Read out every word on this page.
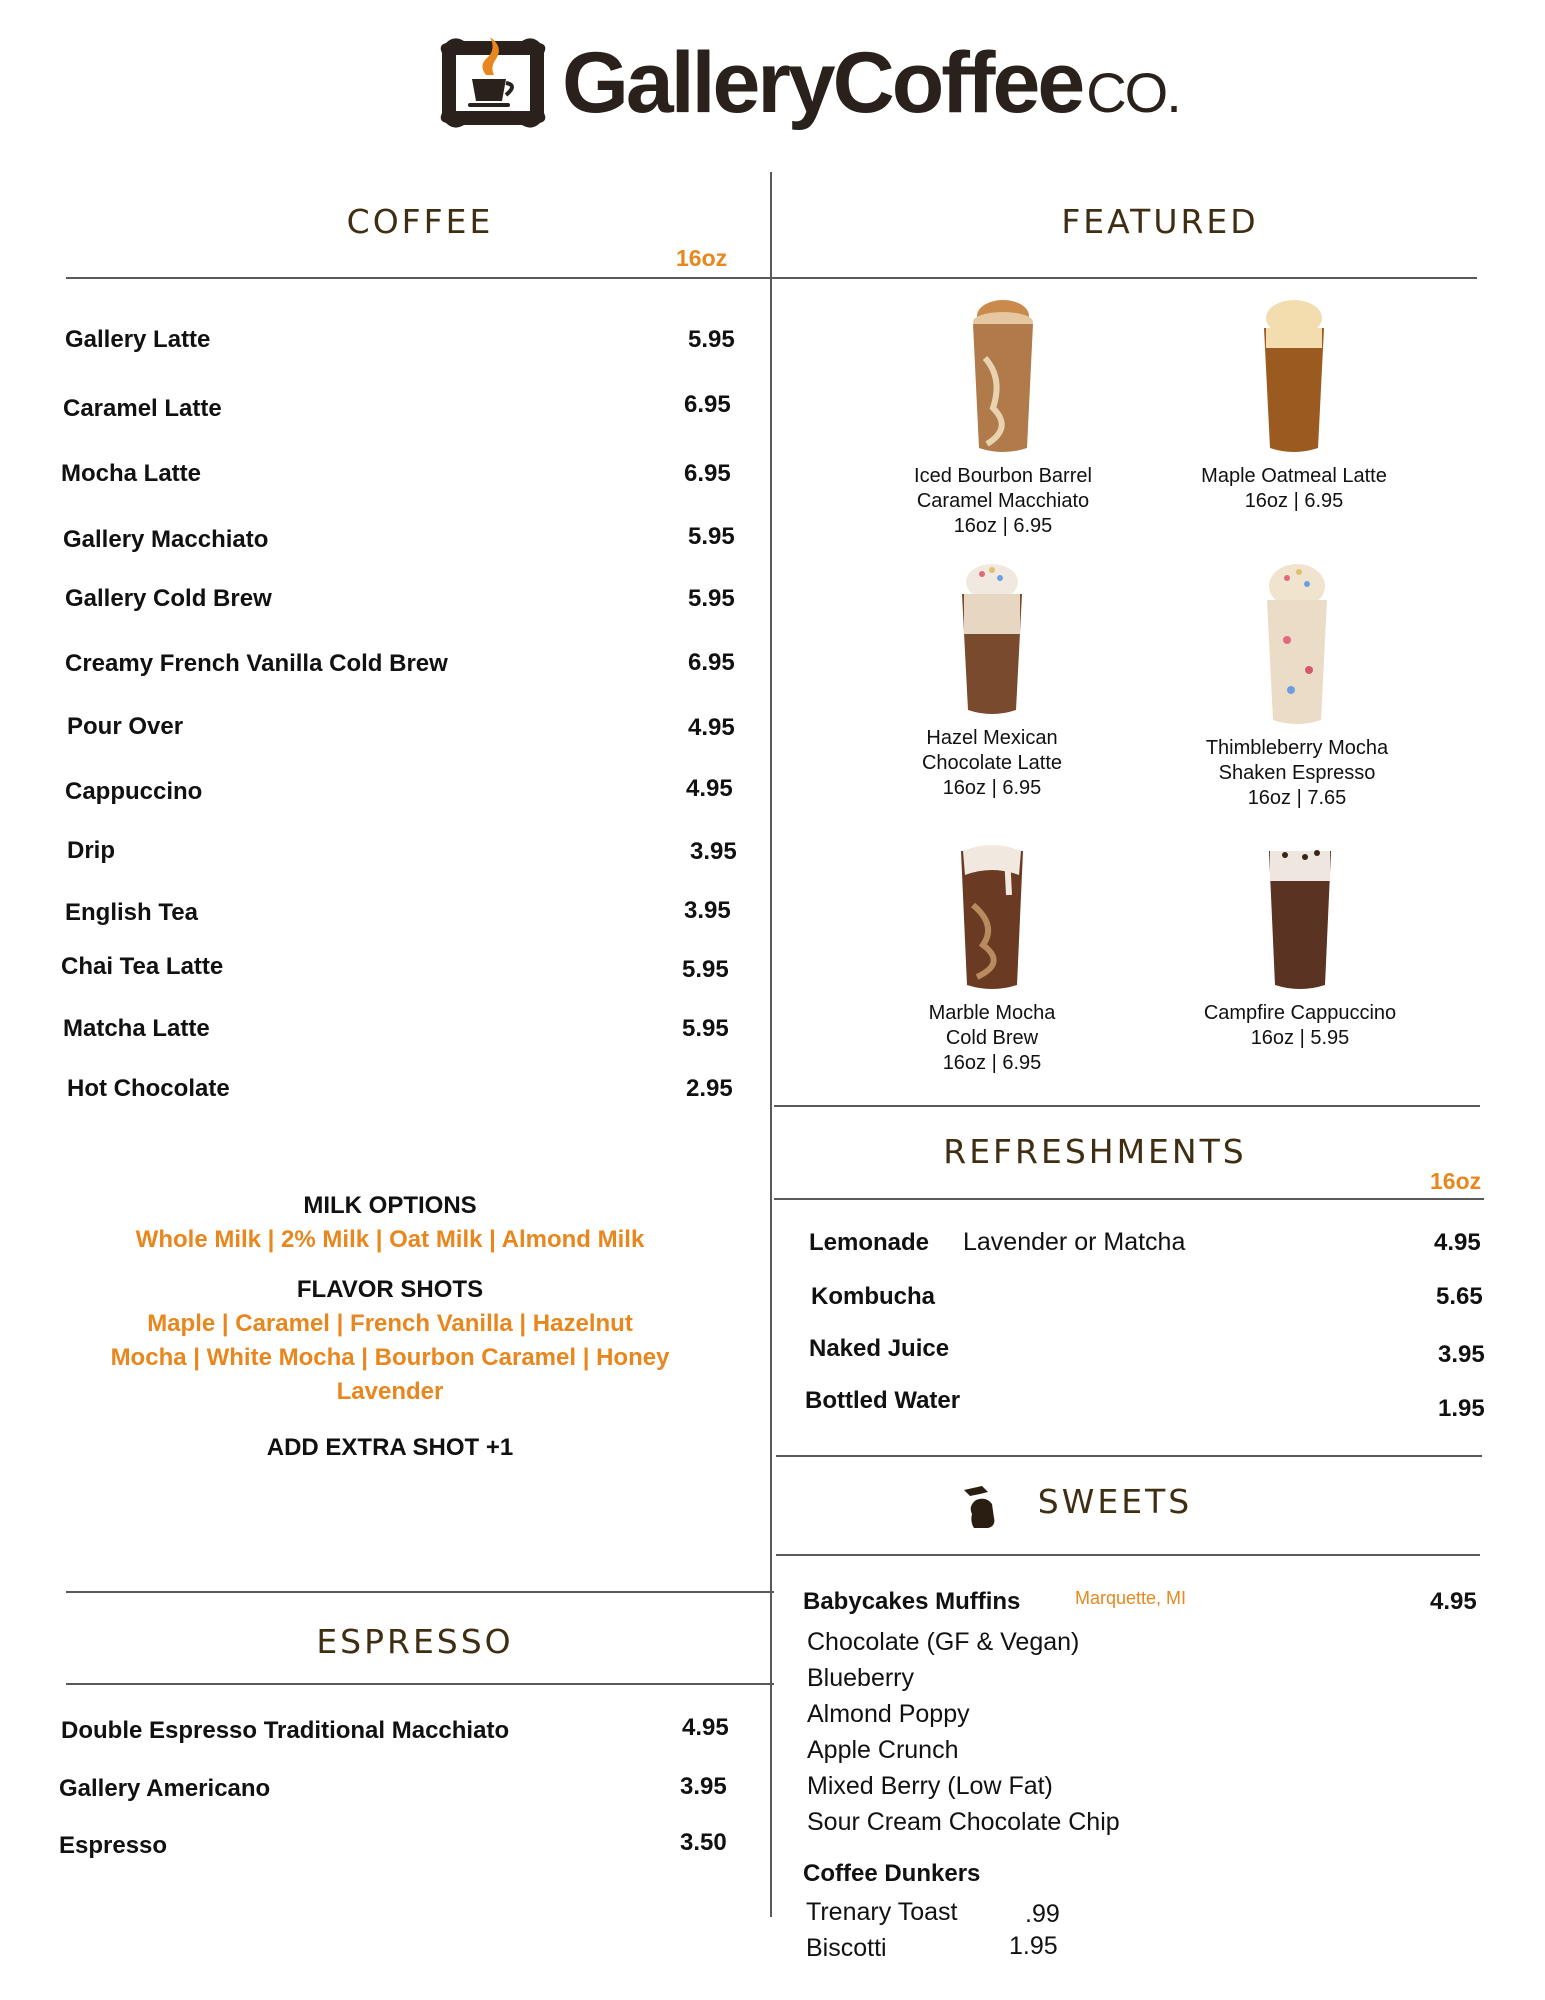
GalleryCoffeeCO.
COFFEE
16oz
Gallery Latte	5.95
Caramel Latte	6.95
Mocha Latte	6.95
Gallery Macchiato	5.95
Gallery Cold Brew	5.95
Creamy French Vanilla Cold Brew	6.95
Pour Over	4.95
Cappuccino	4.95
Drip	3.95
English Tea	3.95
Chai Tea Latte	5.95
Matcha Latte	5.95
Hot Chocolate	2.95
MILK OPTIONS
Whole Milk | 2% Milk | Oat Milk | Almond Milk
FLAVOR SHOTS
Maple | Caramel | French Vanilla | Hazelnut
Mocha | White Mocha | Bourbon Caramel | Honey
Lavender
ADD EXTRA SHOT +1
ESPRESSO
Double Espresso Traditional Macchiato	4.95
Gallery Americano	3.95
Espresso	3.50
FEATURED
Iced Bourbon Barrel
Caramel Macchiato
16oz | 6.95
Maple Oatmeal Latte
16oz | 6.95
Hazel Mexican
Chocolate Latte
16oz | 6.95
Thimbleberry Mocha
Shaken Espresso
16oz | 7.65
Marble Mocha
Cold Brew
16oz | 6.95
Campfire Cappuccino
16oz | 5.95
REFRESHMENTS
16oz
Lemonade Lavender or Matcha	4.95
Kombucha	5.65
Naked Juice	3.95
Bottled Water	1.95
SWEETS
Babycakes Muffins	Marquette, MI	4.95
Chocolate (GF & Vegan)
Blueberry
Almond Poppy
Apple Crunch
Mixed Berry (Low Fat)
Sour Cream Chocolate Chip
Coffee Dunkers
Trenary Toast	.99
Biscotti	1.95
